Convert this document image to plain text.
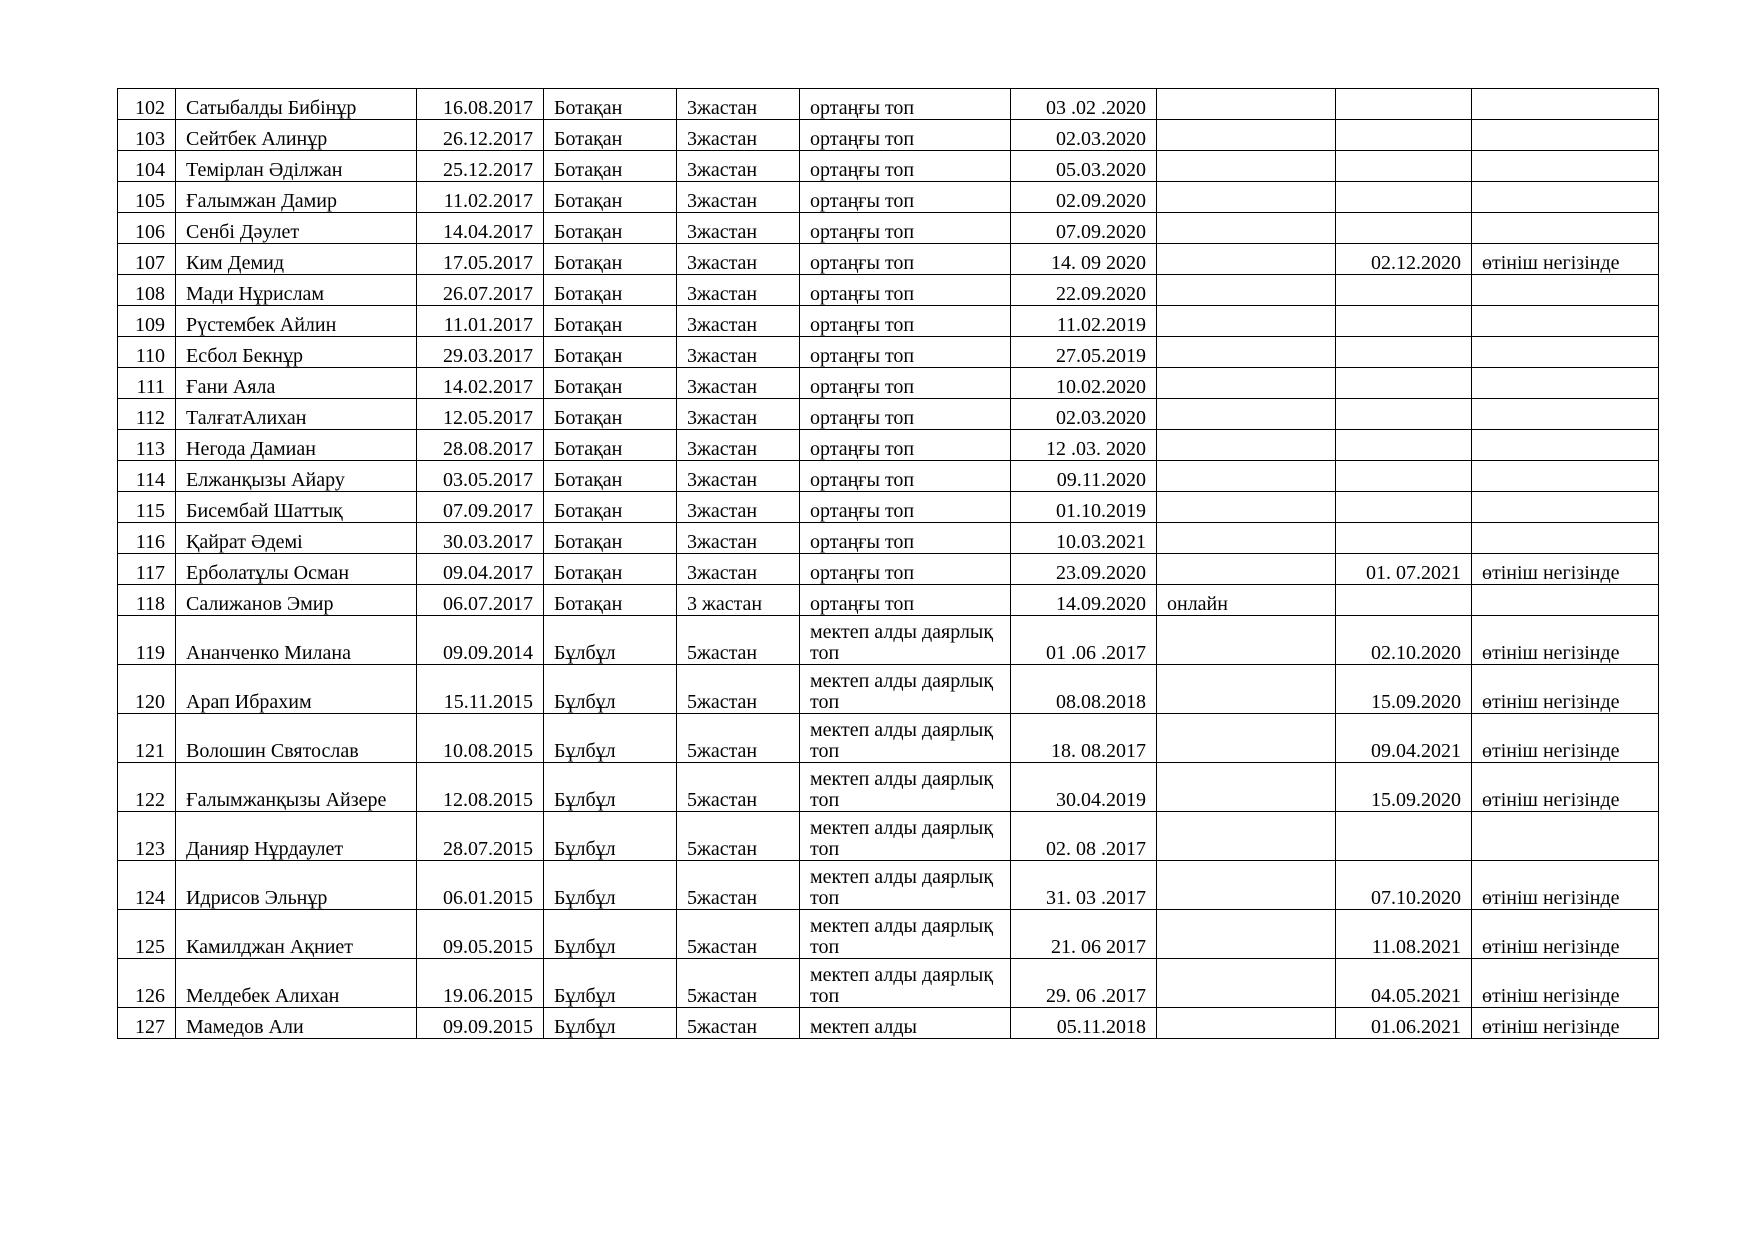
102	Сатыбалды Бибінұр	16.08.2017	Ботақан	3жастан	ортаңғы топ	03 .02 .2020			
103	Сейтбек Алинұр	26.12.2017	Ботақан	3жастан	ортаңғы топ	02.03.2020			
104	Темірлан Әділжан	25.12.2017	Ботақан	3жастан	ортаңғы топ	05.03.2020			
105	Ғалымжан Дамир	11.02.2017	Ботақан	3жастан	ортаңғы топ	02.09.2020			
106	Сенбі Дәулет	14.04.2017	Ботақан	3жастан	ортаңғы топ	07.09.2020			
107	Ким Демид	17.05.2017	Ботақан	3жастан	ортаңғы топ	14. 09 2020		02.12.2020	өтініш негізінде
108	Мади Нұрислам	26.07.2017	Ботақан	3жастан	ортаңғы топ	22.09.2020			
109	Рүстембек Айлин	11.01.2017	Ботақан	3жастан	ортаңғы топ	11.02.2019			
110	Есбол Бекнұр	29.03.2017	Ботақан	3жастан	ортаңғы топ	27.05.2019			
111	Ғани Аяла	14.02.2017	Ботақан	3жастан	ортаңғы топ	10.02.2020			
112	ТалғатАлихан	12.05.2017	Ботақан	3жастан	ортаңғы топ	02.03.2020			
113	Негода Дамиан	28.08.2017	Ботақан	3жастан	ортаңғы топ	12 .03. 2020			
114	Елжанқызы Айару	03.05.2017	Ботақан	3жастан	ортаңғы топ	09.11.2020			
115	Бисембай Шаттық	07.09.2017	Ботақан	3жастан	ортаңғы топ	01.10.2019			
116	Қайрат Әдемі	30.03.2017	Ботақан	3жастан	ортаңғы топ	10.03.2021			
117	Ерболатұлы Осман	09.04.2017	Ботақан	3жастан	ортаңғы топ	23.09.2020		01. 07.2021	өтініш негізінде
118	Салижанов Эмир	06.07.2017	Ботақан	3 жастан	ортаңғы топ	14.09.2020	онлайн		
119	Ананченко Милана	09.09.2014	Бұлбұл	5жастан	мектеп алды даярлық топ	01 .06 .2017		02.10.2020	өтініш негізінде
120	Арап Ибрахим	15.11.2015	Бұлбұл	5жастан	мектеп алды даярлық топ	08.08.2018		15.09.2020	өтініш негізінде
121	Волошин Святослав	10.08.2015	Бұлбұл	5жастан	мектеп алды даярлық топ	18. 08.2017		09.04.2021	өтініш негізінде
122	Ғалымжанқызы Айзере	12.08.2015	Бұлбұл	5жастан	мектеп алды даярлық топ	30.04.2019		15.09.2020	өтініш негізінде
123	Данияр Нұрдаулет	28.07.2015	Бұлбұл	5жастан	мектеп алды даярлық топ	02. 08 .2017			
124	Идрисов Эльнұр	06.01.2015	Бұлбұл	5жастан	мектеп алды даярлық топ	31. 03 .2017		07.10.2020	өтініш негізінде
125	Камилджан Ақниет	09.05.2015	Бұлбұл	5жастан	мектеп алды даярлық топ	21. 06 2017		11.08.2021	өтініш негізінде
126	Мелдебек Алихан	19.06.2015	Бұлбұл	5жастан	мектеп алды даярлық топ	29. 06 .2017		04.05.2021	өтініш негізінде
127	Мамедов Али	09.09.2015	Бұлбұл	5жастан	мектеп алды	05.11.2018		01.06.2021	өтініш негізінде
